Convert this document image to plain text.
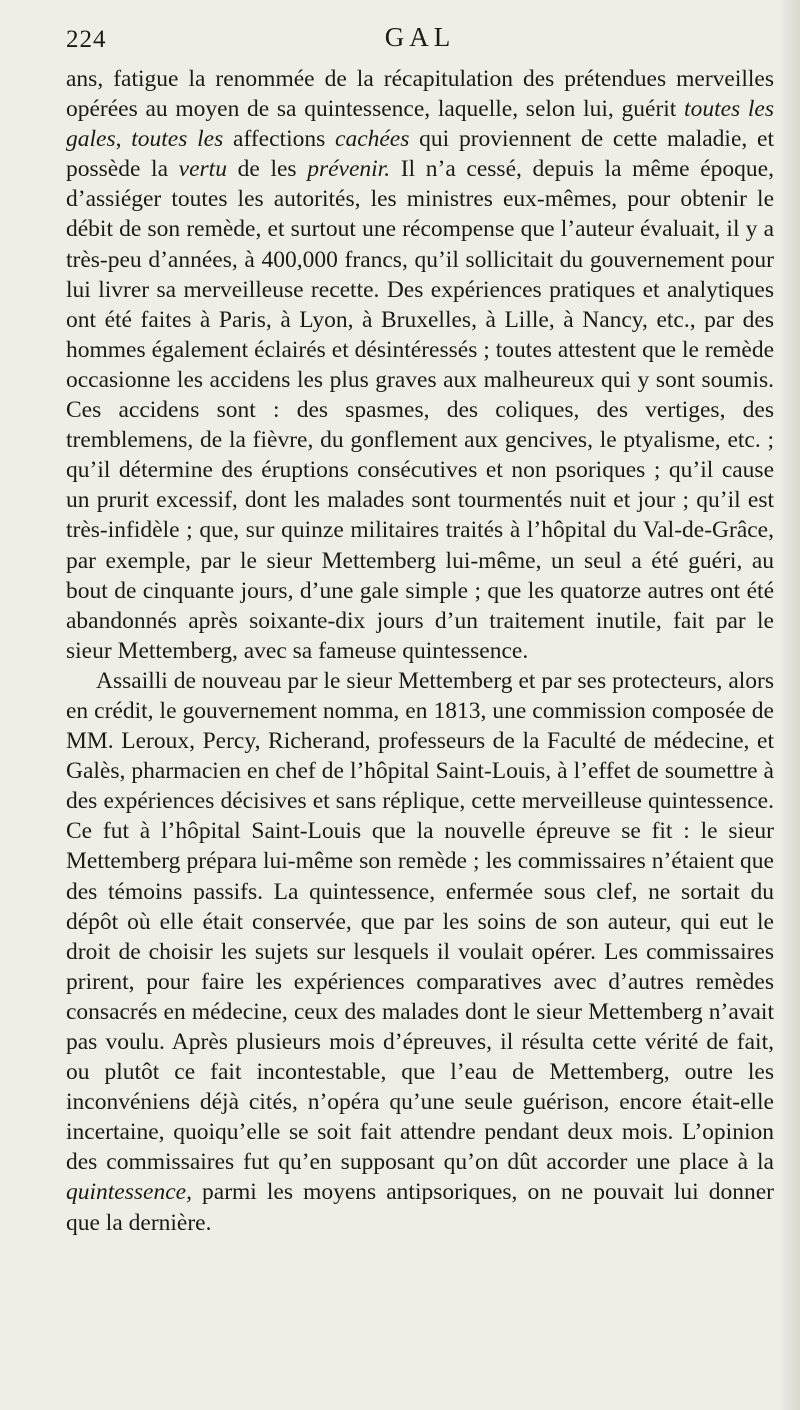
224	GAL

ans, fatigue la renommée de la récapitulation des prétendues merveilles opérées au moyen de sa quintessence, laquelle, selon lui, guérit toutes les gales, toutes les affections cachées qui proviennent de cette maladie, et possède la vertu de les prévenir. Il n’a cessé, depuis la même époque, d’assiéger toutes les autorités, les ministres eux-mêmes, pour obtenir le débit de son remède, et surtout une récompense que l’auteur évaluait, il y a très-peu d’années, à 400,000 francs, qu’il sollicitait du gouvernement pour lui livrer sa merveilleuse recette. Des expériences pratiques et analytiques ont été faites à Paris, à Lyon, à Bruxelles, à Lille, à Nancy, etc., par des hommes également éclairés et désintéressés ; toutes attestent que le remède occasionne les accidens les plus graves aux malheureux qui y sont soumis. Ces accidens sont : des spasmes, des coliques, des vertiges, des tremblemens, de la fièvre, du gonflement aux gencives, le ptyalisme, etc. ; qu’il détermine des éruptions consécutives et non psoriques ; qu’il cause un prurit excessif, dont les malades sont tourmentés nuit et jour ; qu’il est très-infidèle ; que, sur quinze militaires traités à l’hôpital du Val-de-Grâce, par exemple, par le sieur Mettemberg lui-même, un seul a été guéri, au bout de cinquante jours, d’une gale simple ; que les quatorze autres ont été abandonnés après soixante-dix jours d’un traitement inutile, fait par le sieur Mettemberg, avec sa fameuse quintessence.

Assailli de nouveau par le sieur Mettemberg et par ses protecteurs, alors en crédit, le gouvernement nomma, en 1813, une commission composée de MM. Leroux, Percy, Richerand, professeurs de la Faculté de médecine, et Galès, pharmacien en chef de l’hôpital Saint-Louis, à l’effet de soumettre à des expériences décisives et sans réplique, cette merveilleuse quintessence. Ce fut à l’hôpital Saint-Louis que la nouvelle épreuve se fit : le sieur Mettemberg prépara lui-même son remède ; les commissaires n’étaient que des témoins passifs. La quintessence, enfermée sous clef, ne sortait du dépôt où elle était conservée, que par les soins de son auteur, qui eut le droit de choisir les sujets sur lesquels il voulait opérer. Les commissaires prirent, pour faire les expériences comparatives avec d’autres remèdes consacrés en médecine, ceux des malades dont le sieur Mettemberg n’avait pas voulu. Après plusieurs mois d’épreuves, il résulta cette vérité de fait, ou plutôt ce fait incontestable, que l’eau de Mettemberg, outre les inconvéniens déjà cités, n’opéra qu’une seule guérison, encore était-elle incertaine, quoiqu’elle se soit fait attendre pendant deux mois. L’opinion des commissaires fut qu’en supposant qu’on dût accorder une place à la quintessence, parmi les moyens antipsoriques, on ne pouvait lui donner que la dernière.
